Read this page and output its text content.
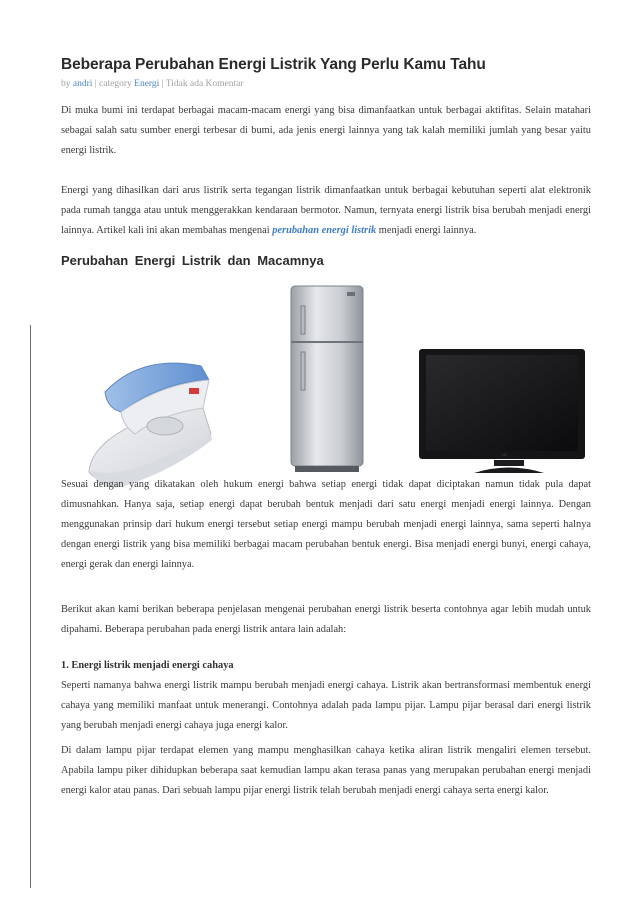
Beberapa Perubahan Energi Listrik Yang Perlu Kamu Tahu
by andri | category Energi | Tidak ada Komentar

Di muka bumi ini terdapat berbagai macam-macam energi yang bisa dimanfaatkan untuk berbagai aktifitas. Selain matahari sebagai salah satu sumber energi terbesar di bumi, ada jenis energi lainnya yang tak kalah memiliki jumlah yang besar yaitu energi listrik.

Energi yang dihasilkan dari arus listrik serta tegangan listrik dimanfaatkan untuk berbagai kebutuhan seperti alat elektronik pada rumah tangga atau untuk menggerakkan kendaraan bermotor. Namun, ternyata energi listrik bisa berubah menjadi energi lainnya. Artikel kali ini akan membahas mengenai perubahan energi listrik menjadi energi lainnya.

Perubahan Energi Listrik dan Macamnya
LG

Sesuai dengan yang dikatakan oleh hukum energi bahwa setiap energi tidak dapat diciptakan namun tidak pula dapat dimusnahkan. Hanya saja, setiap energi dapat berubah bentuk menjadi dari satu energi menjadi energi lainnya. Dengan menggunakan prinsip dari hukum energi tersebut setiap energi mampu berubah menjadi energi lainnya, sama seperti halnya dengan energi listrik yang bisa memiliki berbagai macam perubahan bentuk energi. Bisa menjadi energi bunyi, energi cahaya, energi gerak dan energi lainnya.

Berikut akan kami berikan beberapa penjelasan mengenai perubahan energi listrik beserta contohnya agar lebih mudah untuk dipahami. Beberapa perubahan pada energi listrik antara lain adalah:

1. Energi listrik menjadi energi cahaya

Seperti namanya bahwa energi listrik mampu berubah menjadi energi cahaya. Listrik akan bertransformasi membentuk energi cahaya yang memiliki manfaat untuk menerangi. Contohnya adalah pada lampu pijar. Lampu pijar berasal dari energi listrik yang berubah menjadi energi cahaya juga energi kalor.

Di dalam lampu pijar terdapat elemen yang mampu menghasilkan cahaya ketika aliran listrik mengaliri elemen tersebut. Apabila lampu piker dihidupkan beberapa saat kemudian lampu akan terasa panas yang merupakan perubahan energi menjadi energi kalor atau panas. Dari sebuah lampu pijar energi listrik telah berubah menjadi energi cahaya serta energi kalor.
